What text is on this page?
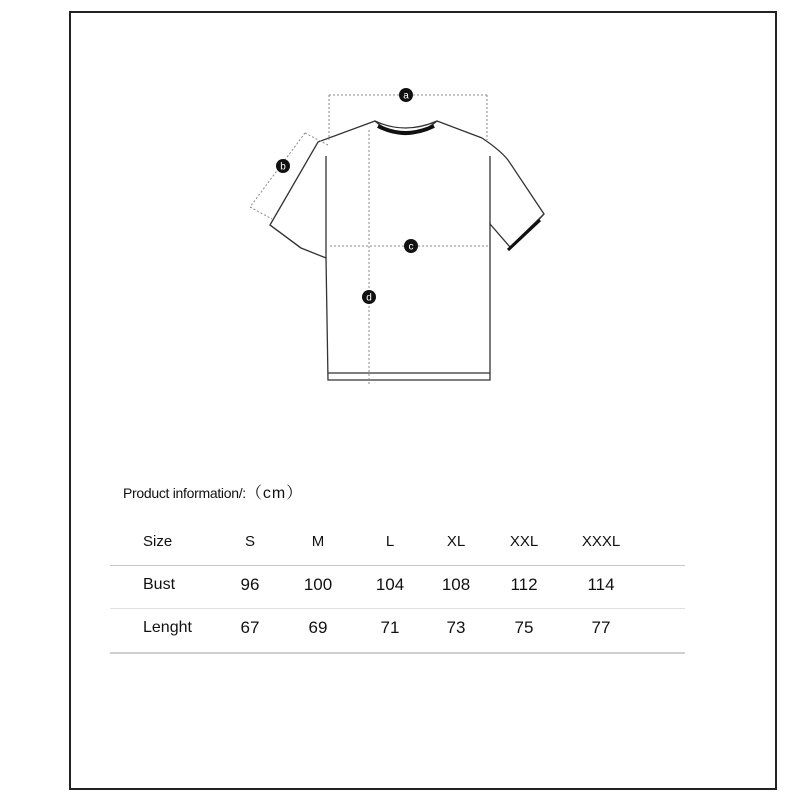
a
b
c
d
Product information/:（cm）
Size	S	M	L	XL	XXL	XXXL
Bust	96	100	104	108	112	114
Lenght	67	69	71	73	75	77
